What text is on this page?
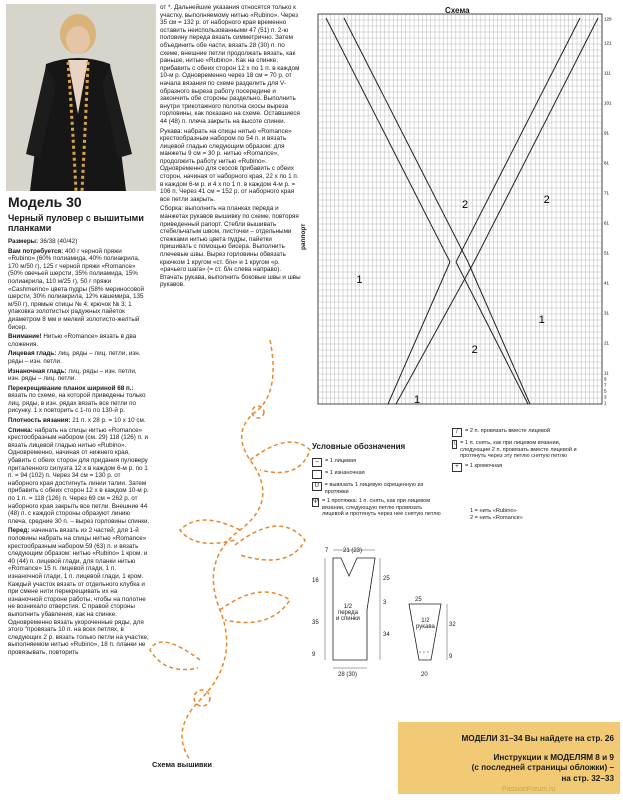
Модель 30
Черный пуловер с вышитыми планками

Размеры: 36/38 (40/42)

Вам потребуется: 400 г черной пряжи «Rubino» (60% полиамида, 40% полиакрила, 170 м/50 г), 125 г черной пряжи «Romance» (50% овечьей шерсти, 35% полиамида, 15% полиакрила, 110 м/25 г), 50 г пряжи «Cashmerino» цвета пудры (58% мериносовой шерсти, 30% полиакрила, 12% кашемира, 135 м/50 г), прямые спицы № 4; крючок № 3; 1 упаковка золотистых радужных пайеток диаметром 8 мм и мелкий золотисто-желтый бисер.

Внимание! Нитью «Romance» вязать в два сложения.

Лицевая гладь: лиц. ряды – лиц. петли, изн. ряды – изн. петли.

Изнаночная гладь: лиц. ряды – изн. петли, изн. ряды – лиц. петли.

Перекрещивание планок шириной 68 п.: вязать по схеме, на которой приведены только лиц. ряды, в изн. рядах вязать все петли по рисунку. 1 х повторить с 1-го по 130-й р.

Плотность вязания: 21 п. x 28 р. = 10 x 10 см.

Спинка: набрать на спицы нитью «Romance» крестообразным набором (см. 29) 118 (126) п. и вязать лицевой гладью нитью «Rubino». Одновременно, начиная от нижнего края, убавить с обеих сторон для придания пуловеру приталенного силуэта 12 х в каждом 6-м р. по 1 п. = 94 (102) п. Через 34 см = 130 р. от наборного края достигнуть линии талии. Затем прибавить с обеих сторон 12 х в каждом 10-м р. по 1 п. = 118 (126) п. Через 69 см = 262 р. от наборного края закрыть все петли. Внешние 44 (48) п. с каждой стороны образуют линию плеча, средние 30 п. – вырез горловины спинки.

Перед: начинать вязать из 2 частей; для 1-й половины набрать на спицы нитью «Romance» крестообразным набором 59 (63) п. и вязать следующим образом: нитью «Rubino» 1 кром. и 40 (44) п. лицевой глади, для планки нитью «Romance» 15 п. лицевой глади, 1 п. изнаночной глади, 1 п. лицевой глади, 1 кром. Каждый участок вязать от отдельного клубка и при смене нити перекрещивать их на изнаночной стороне работы, чтобы на полотне не возникало отверстия. С правой стороны выполнить убавления, как на спинке. Одновременно вязать укороченные ряды, для этого "провязать 10 п. на всех петлях, в следующих 2 р. вязать только петли на участке, выполняемом нитью «Rubino», 18 п. планки не провязывать, повторить

от *. Дальнейшие указания относятся только к участку, выполняемому нитью «Rubino». Через 35 см = 132 р. от наборного края временно оставить неиспользованными 47 (51) п. 2-ю половину переда вязать симметрично. Затем объединить обе части, вязать 28 (30) п. по схеме, внешние петли продолжать вязать, как раньше, нитью «Rubino». Как на спинке, прибавить с обеих сторон 12 х по 1 п. в каждом 10-м р. Одновременно через 18 см = 70 р. от начала вязания по схеме разделить для V-образного выреза работу посередине и закончить обе стороны раздельно. Выполнить внутри трикотажного полотна скосы выреза горловины, как показано на схеме. Оставшиеся 44 (48) п. плеча закрыть на высоте спинки.

Рукава: набрать на спицы нитью «Romance» крестообразным набором по 54 п. и вязать лицевой гладью следующим образом: для манжеты 9 см = 30 р. нитью «Romance», продолжить работу нитью «Rubino». Одновременно для скосов прибавить с обеих сторон, начиная от наборного края, 22 х по 1 п. в каждом 6-м р. и 4 х по 1 п. в каждом 4-м р. = 106 п. Через 41 см = 152 р. от наборного края все петли закрыть.

Сборка: выполнить на планках переда и манжетах рукавов вышивку по схеме, повторяя приведенный рапорт. Стебли вышивать стебельчатым швом, листочки – отдельными стежками нитью цвета пудры, пайетки пришивать с помощью бисера. Выполнить плечевые швы. Вырез горловины обвязать крючком 1 кругом «ст. б/н» и 1 кругом «р. «рачьего шага» (= ст. б/н слева направо). Втачать рукава, выполнить боковые швы и швы рукавов.

Схема
раппорт
1
2
1
2
1
2
129
121
111
101
91
81
71
61
51
41
31
21
11
9
7
5
3
1
Условные обозначения
–	= 1 лицевая
= 1 изнаночная
U	= вывязать 1 лицевую скрещенную из протяжки
Ψ = 1 протяжка: 1 п. снять, как при лицевом вязании, следующую петлю провязать лицевой и протянуть через нее снятую петлю
/	= 2 п. провязать вместе лицевой
\ = 1 п. снять, как при лицевом вязании, следующие 2 п. провязать вместе лицевой и протянуть через эту петлю снятую петлю
+	= 1 кромочная
1 = нить «Rubino»
2 = нить «Romance»
7 21 (23)
16	25
3
35
34
9
28 (30)
1/2
переда
и спинки
25
32
9
20
1/2
рукава
Схема вышивки
МОДЕЛИ 31–34 Вы найдете на стр. 26
Инструкции к МОДЕЛЯМ 8 и 9
(с последней страницы обложки) –
на стр. 32–33
PassionForum.ru
